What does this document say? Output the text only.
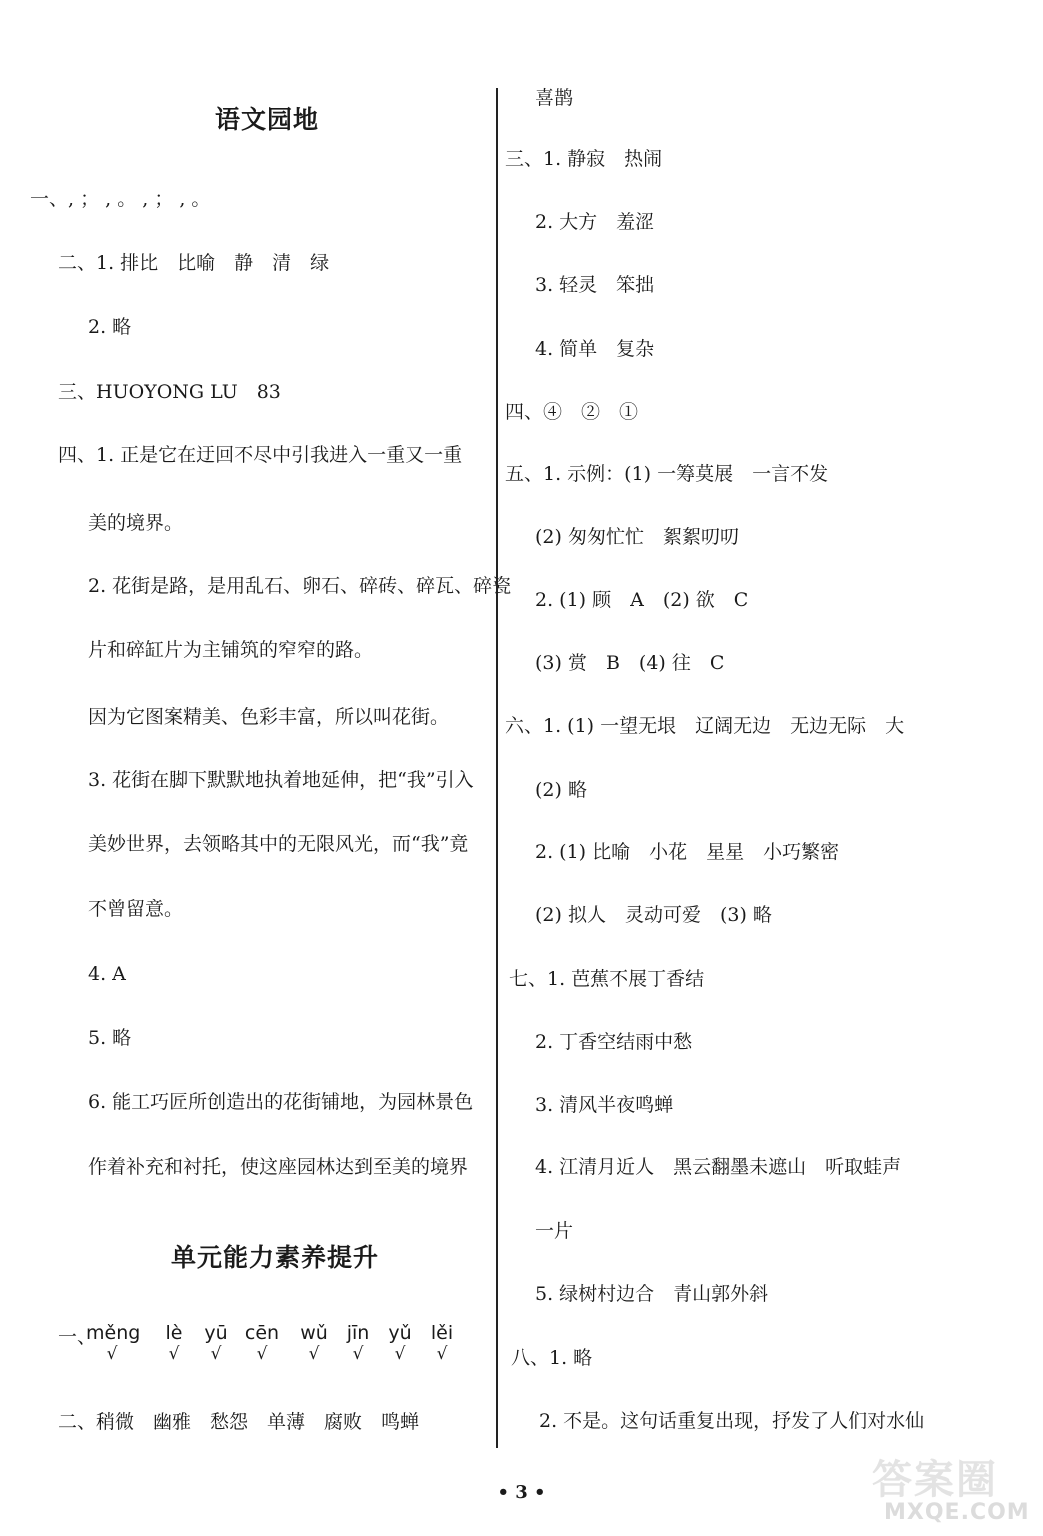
语文园地
一、, ； , 。 , ； , 。
二、1. 排比　比喻　静　清　绿
2. 略
三、HUOYONG LU　83
四、1. 正是它在迂回不尽中引我进入一重又一重
美的境界。
2. 花街是路，是用乱石、卵石、碎砖、碎瓦、碎瓷
片和碎缸片为主铺筑的窄窄的路。
因为它图案精美、色彩丰富，所以叫花街。
3. 花街在脚下默默地执着地延伸，把“我”引入
美妙世界，去领略其中的无限风光，而“我”竟
不曾留意。
4. A
5. 略
6. 能工巧匠所创造出的花街铺地，为园林景色
作着补充和衬托，使这座园林达到至美的境界
单元能力素养提升
一、
měng
√
lè
√
yū
√
cēn
√
wǔ
√
jīn
√
yǔ
√
lěi
√
二、稍微　幽雅　愁怨　单薄　腐败　鸣蝉
喜鹊
三、1. 静寂　热闹
2. 大方　羞涩
3. 轻灵　笨拙
4. 简单　复杂
四、④　②　①
五、1. 示例：(1) 一筹莫展　一言不发
(2) 匆匆忙忙　絮絮叨叨
2. (1) 顾　A　(2) 欲　C
(3) 赏　B　(4) 往　C
六、1. (1) 一望无垠　辽阔无边　无边无际　大
(2) 略
2. (1) 比喻　小花　星星　小巧繁密
(2) 拟人　灵动可爱　(3) 略
七、1. 芭蕉不展丁香结
2. 丁香空结雨中愁
3. 清风半夜鸣蝉
4. 江清月近人　黑云翻墨未遮山　听取蛙声
一片
5. 绿树村边合　青山郭外斜
八、1. 略
2. 不是。这句话重复出现，抒发了人们对水仙
• 3 •	答案圈
MXQE.COM
